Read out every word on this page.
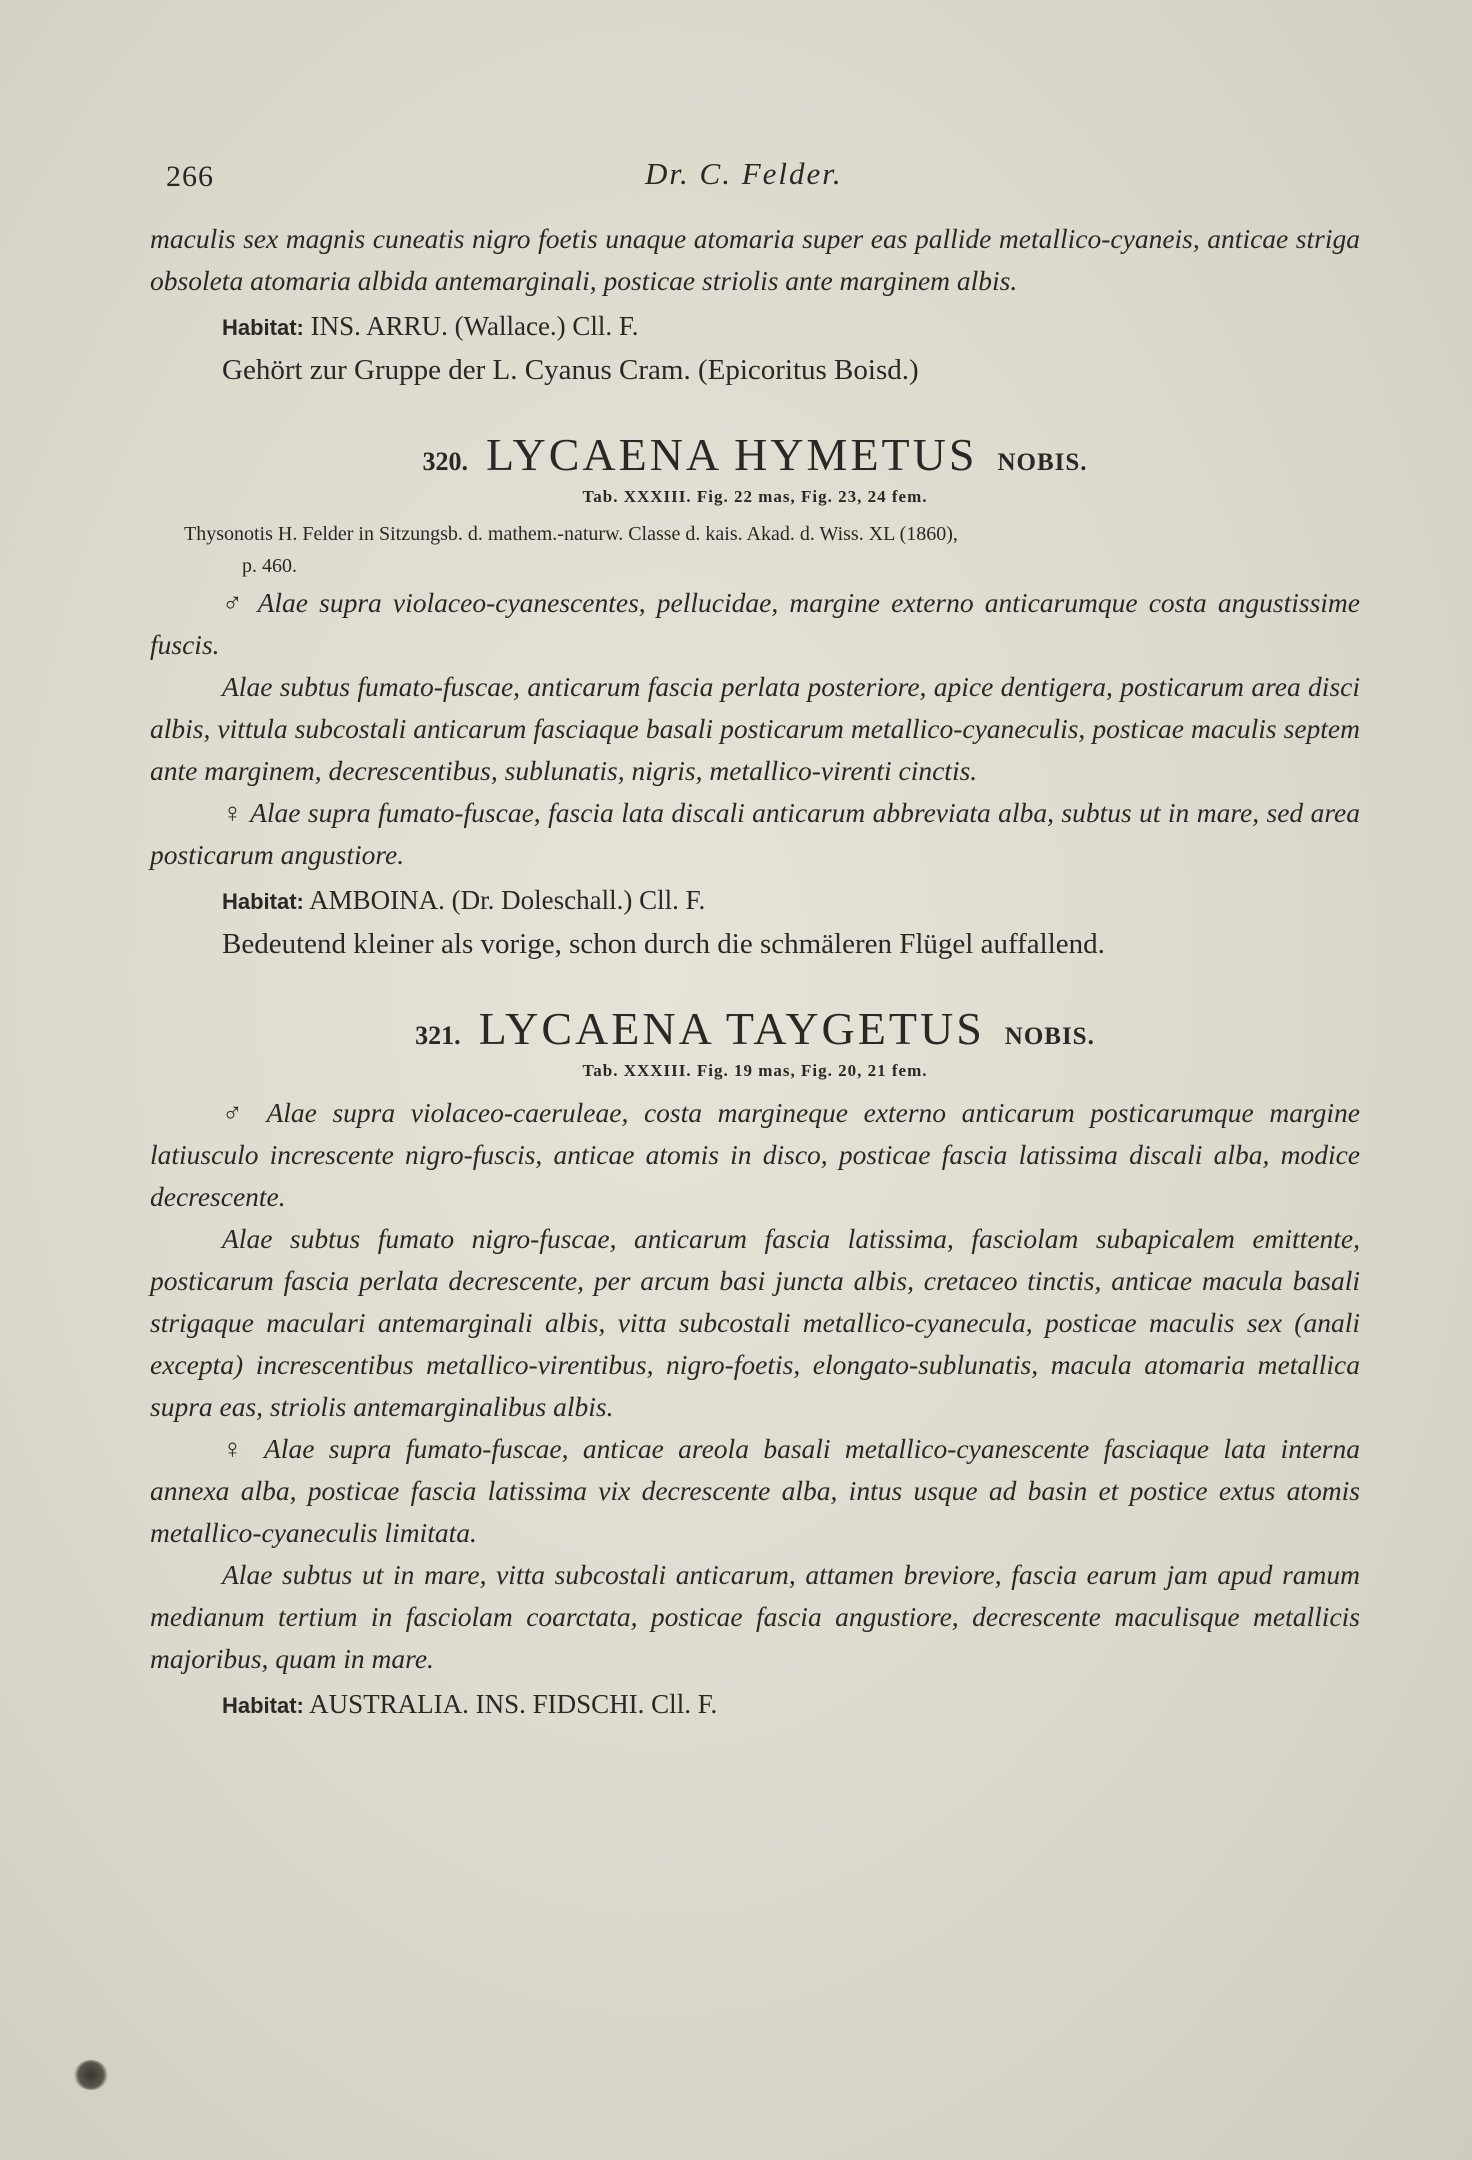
266	Dr. C. Felder.

maculis sex magnis cuneatis nigro foetis unaque atomaria super eas pallide metallico-cyaneis, anticae striga obsoleta atomaria albida antemarginali, posticae striolis ante marginem albis.

Habitat: INS. ARRU. (Wallace.) Cll. F.

Gehört zur Gruppe der L. Cyanus Cram. (Epicoritus Boisd.)

320. LYCAENA HYMETUS NOBIS.

Tab. XXXIII. Fig. 22 mas, Fig. 23, 24 fem.

Thysonotis H. Felder in Sitzungsb. d. mathem.-naturw. Classe d. kais. Akad. d. Wiss. XL (1860),

p. 460.

♂ Alae supra violaceo-cyanescentes, pellucidae, margine externo anticarumque costa angustissime fuscis.

Alae subtus fumato-fuscae, anticarum fascia perlata posteriore, apice dentigera, posticarum area disci albis, vittula subcostali anticarum fasciaque basali posticarum metallico-cyaneculis, posticae maculis septem ante marginem, decrescentibus, sublunatis, nigris, metallico-virenti cinctis.

♀ Alae supra fumato-fuscae, fascia lata discali anticarum abbreviata alba, subtus ut in mare, sed area posticarum angustiore.

Habitat: AMBOINA. (Dr. Doleschall.) Cll. F.

Bedeutend kleiner als vorige, schon durch die schmäleren Flügel auffallend.

321. LYCAENA TAYGETUS NOBIS.

Tab. XXXIII. Fig. 19 mas, Fig. 20, 21 fem.

♂ Alae supra violaceo-caeruleae, costa margineque externo anticarum posticarumque margine latiusculo increscente nigro-fuscis, anticae atomis in disco, posticae fascia latissima discali alba, modice decrescente.

Alae subtus fumato nigro-fuscae, anticarum fascia latissima, fasciolam subapicalem emittente, posticarum fascia perlata decrescente, per arcum basi juncta albis, cretaceo tinctis, anticae macula basali strigaque maculari antemarginali albis, vitta subcostali metallico-cyanecula, posticae maculis sex (anali excepta) increscentibus metallico-virentibus, nigro-foetis, elongato-sublunatis, macula atomaria metallica supra eas, striolis antemarginalibus albis.

♀ Alae supra fumato-fuscae, anticae areola basali metallico-cyanescente fasciaque lata interna annexa alba, posticae fascia latissima vix decrescente alba, intus usque ad basin et postice extus atomis metallico-cyaneculis limitata.

Alae subtus ut in mare, vitta subcostali anticarum, attamen breviore, fascia earum jam apud ramum medianum tertium in fasciolam coarctata, posticae fascia angustiore, decrescente maculisque metallicis majoribus, quam in mare.

Habitat: AUSTRALIA. INS. FIDSCHI. Cll. F.
